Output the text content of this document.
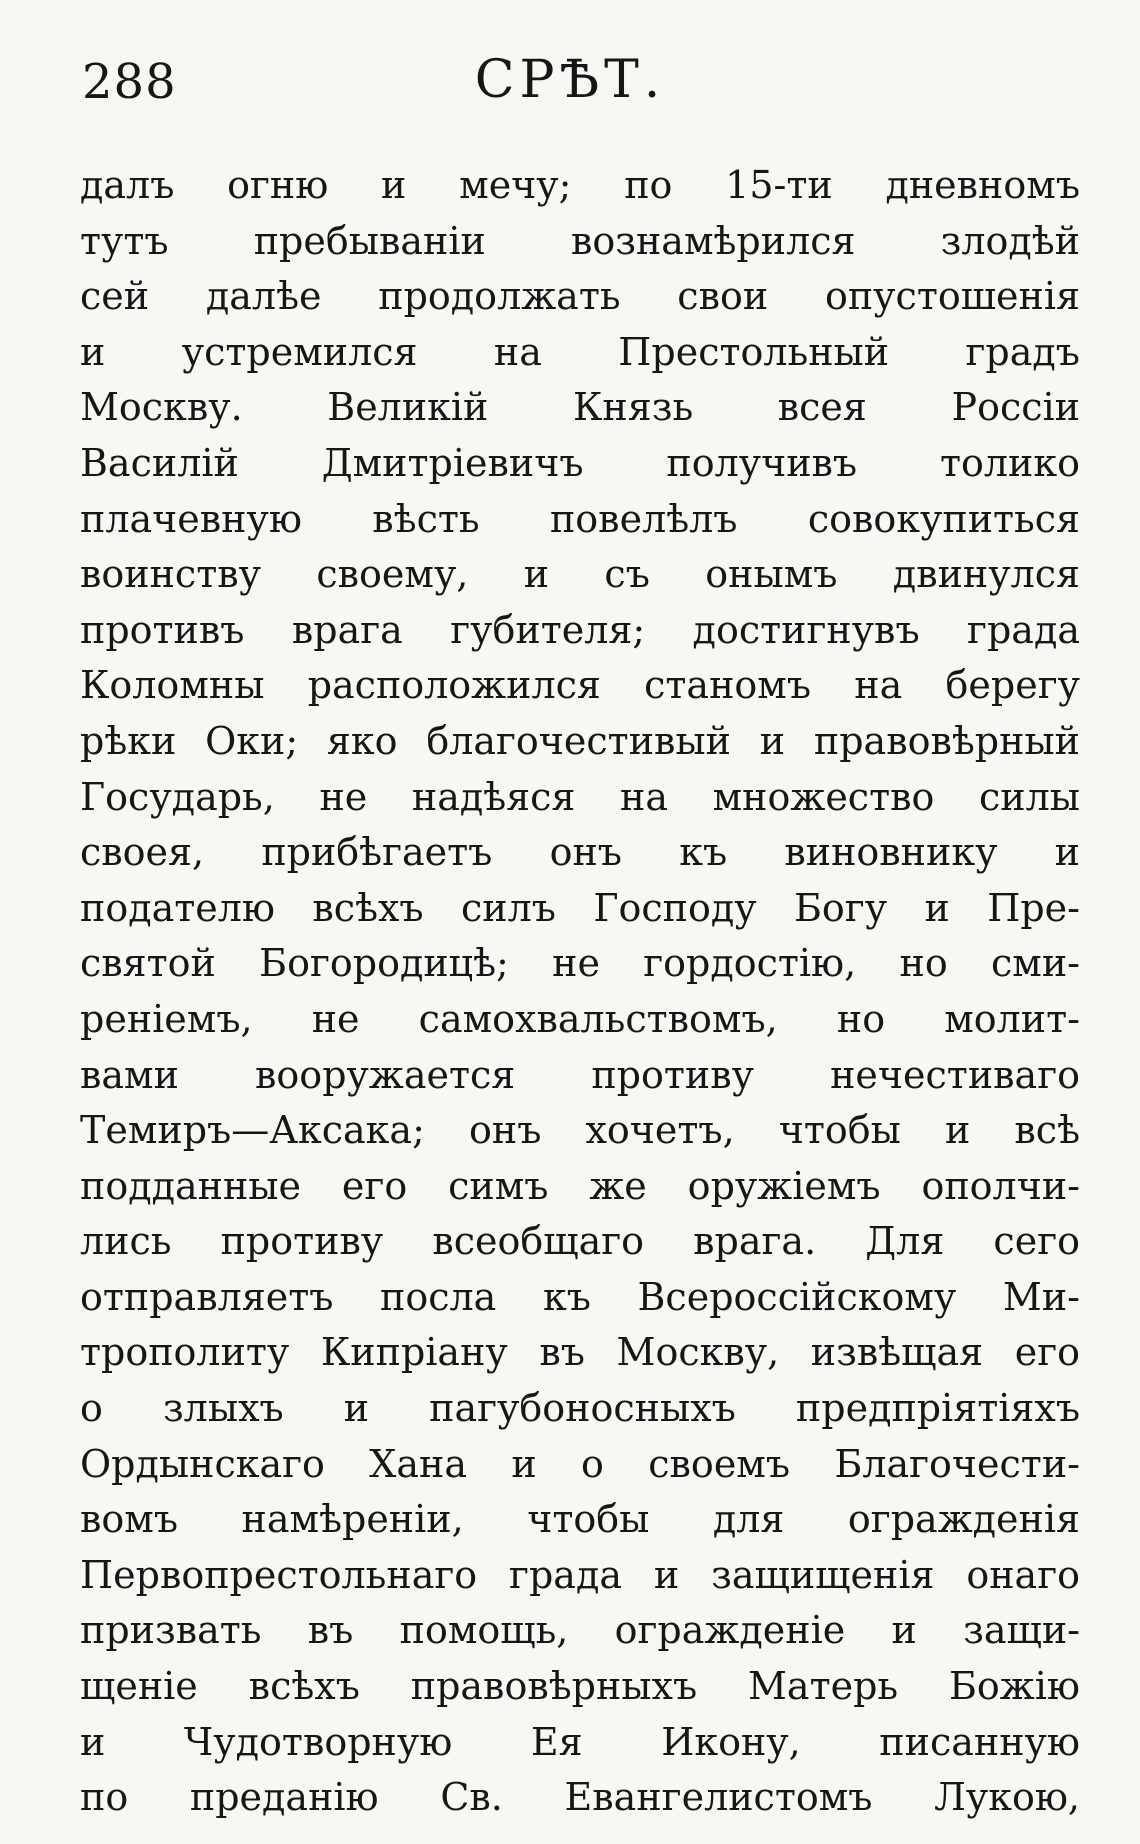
288	СРѢТ.
далъ огню и мечу; по 15-ти дневномъ
тутъ пребыванiи вознамѣрился злодѣй
сей далѣе продолжать свои опустошенiя
и устремился на Престольный градъ
Москву. Великiй Князь всея Россiи
Василiй Дмитрiевичъ получивъ толико
плачевную вѣсть повелѣлъ совокупиться
воинству своему, и съ онымъ двинулся
противъ врага губителя; достигнувъ града
Коломны расположился станомъ на берегу
рѣки Оки; яко благочестивый и правовѣрный
Государь, не надѣяся на множество силы
своея, прибѣгаетъ онъ къ виновнику и
подателю всѣхъ силъ Господу Богу и Пре-
святой Богородицѣ; не гордостiю, но сми-
ренiемъ, не самохвальствомъ, но молит-
вами вооружается противу нечестиваго
Темиръ—Аксака; онъ хочетъ, чтобы и всѣ
подданные его симъ же оружiемъ ополчи-
лись противу всеобщаго врага. Для сего
отправляетъ посла къ Всероссiйскому Ми-
трополиту Кипрiану въ Москву, извѣщая его
о злыхъ и пагубоносныхъ предпрiятiяхъ
Ордынскаго Хана и о своемъ Благочести-
вомъ намѣренiи, чтобы для огражденiя
Первопрестольнаго града и защищенiя онаго
призвать въ помощь, огражденiе и защи-
щенiе всѣхъ правовѣрныхъ Матерь Божiю
и Чудотворную Ея Икону, писанную
по преданiю Св. Евангелистомъ Лукою,
